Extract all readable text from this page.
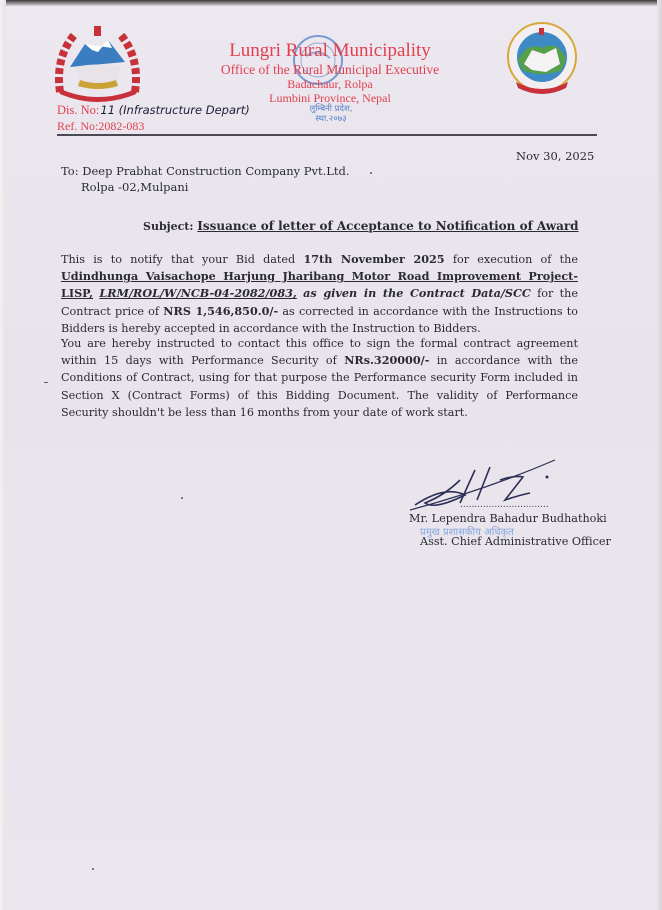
Lungri Rural Municipality
Office of the Rural Municipal Executive
Badachaur, Rolpa
Lumbini Province, Nepal
लुम्बिनी प्रदेश, स्था.२०७३
Dis. No:11 (Infrastructure Depart)
Ref. No:2082-083
Nov 30, 2025
To: Deep Prabhat Construction Company Pvt.Ltd.
Rolpa -02,Mulpani
Subject: Issuance of letter of Acceptance to Notification of Award
This is to notify that your Bid dated 17th November 2025 for execution of the Udindhunga Vaisachope Harjung Jharibang Motor Road Improvement Project-LISP, LRM/ROL/W/NCB-04-2082/083, as given in the Contract Data/SCC for the Contract price of NRS 1,546,850.0/- as corrected in accordance with the Instructions to Bidders is hereby accepted in accordance with the Instruction to Bidders.
You are hereby instructed to contact this office to sign the formal contract agreement within 15 days with Performance Security of NRs.320000/- in accordance with the Conditions of Contract, using for that purpose the Performance security Form included in Section X (Contract Forms) of this Bidding Document. The validity of Performance Security shouldn't be less than 16 months from your date of work start.
...............................
प्रमुख प्रशासकीय अधिकृत
Mr. Lependra Bahadur Budhathoki
Asst. Chief Administrative Officer
